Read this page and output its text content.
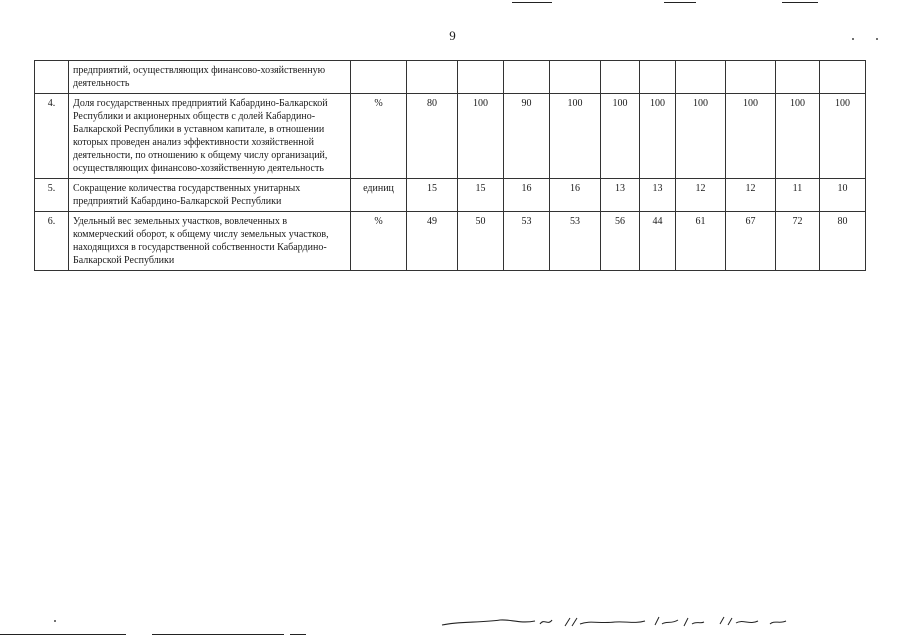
9
	предприятий, осуществляющих финансово-хозяйственную деятельность											
4.	Доля государственных предприятий Кабардино-Балкарской Республики и акционерных обществ с долей Кабардино-Балкарской Республики в уставном капитале, в отношении которых проведен анализ эффективности хозяйственной деятельности, по отношению к общему числу организаций, осуществляющих финансово-хозяйственную деятельность	%	80	100	90	100	100	100	100	100	100	100
5.	Сокращение количества государственных унитарных предприятий Кабардино-Балкарской Республики	единиц	15	15	16	16	13	13	12	12	11	10
6.	Удельный вес земельных участков, вовлеченных в коммерческий оборот, к общему числу земельных участков, находящихся в государственной собственности Кабардино-Балкарской Республики	%	49	50	53	53	56	44	61	67	72	80
